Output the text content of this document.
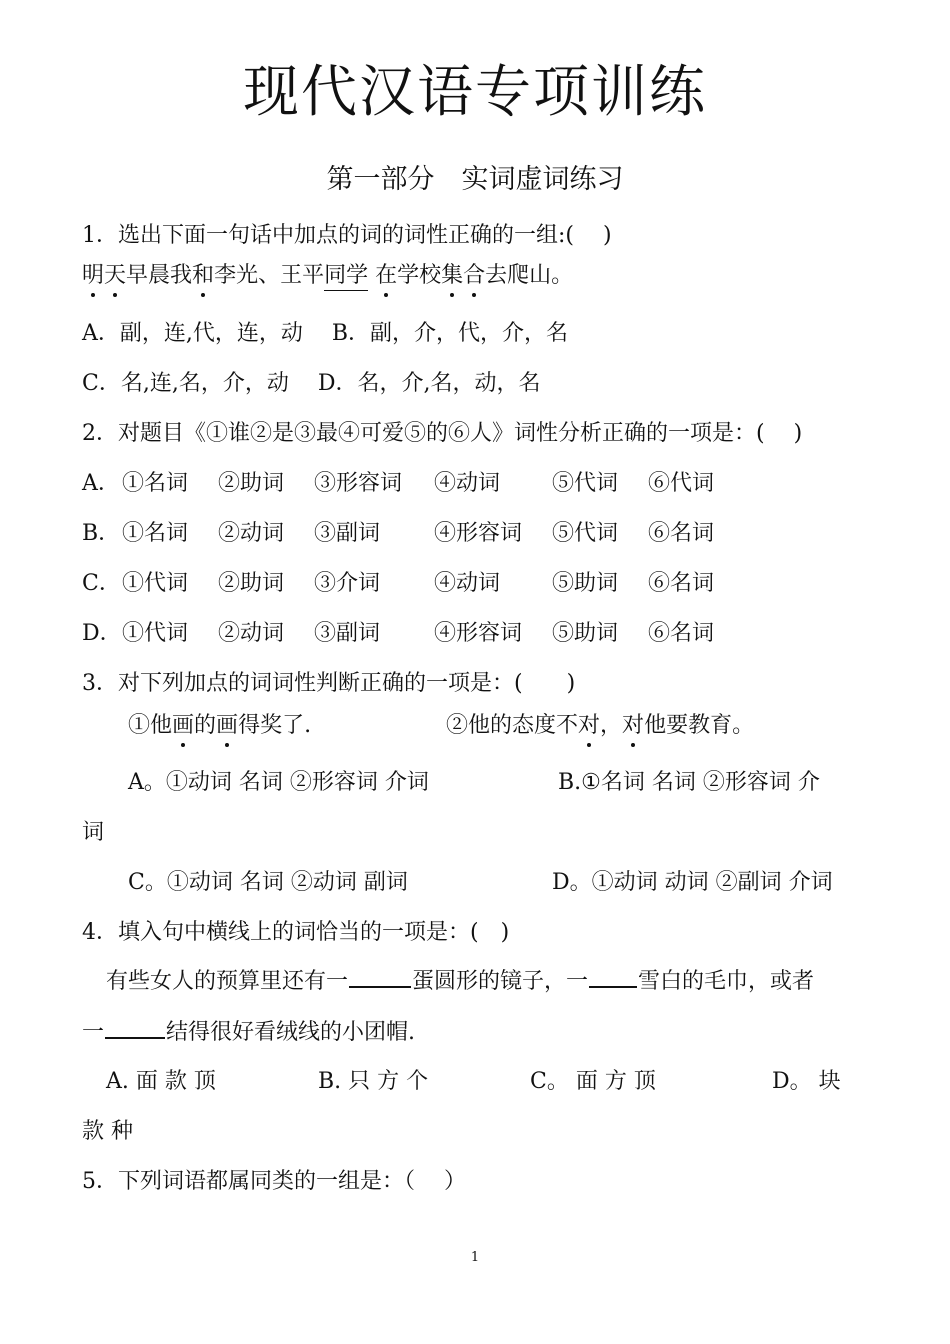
现代汉语专项训练
第一部分　实词虚词练习
1．选出下面一句话中加点的词的词性正确的一组:(　 )
明天早晨我和李光、王平同学 在学校集合去爬山。
A．副，连,代，连，动　 B．副，介，代，介，名
C．名,连,名，介，动　 D．名，介,名，动，名
2．对题目《①谁②是③最④可爱⑤的⑥人》词性分析正确的一项是：(　 )
A． ①名词 ②助词 ③形容词 ④动词 ⑤代词 ⑥代词
B． ①名词 ②动词 ③副词 ④形容词 ⑤代词 ⑥名词
C． ①代词 ②助词 ③介词 ④动词 ⑤助词 ⑥名词
D． ①代词 ②动词 ③副词 ④形容词 ⑤助词 ⑥名词
3．对下列加点的词词性判断正确的一项是：(　　)
①他画的画得奖了.	②他的态度不对，对他要教育。
A。①动词 名词 ②形容词 介词	B.①名词 名词 ②形容词 介
词
C。①动词 名词 ②动词 副词	D。①动词 动词 ②副词 介词
4．填入句中横线上的词恰当的一项是：(　)
有些女人的预算里还有一	蛋圆形的镜子，一 雪白的毛巾，或者
一	结得很好看绒线的小团帽.
A. 面 款 顶	B. 只 方 个	C。 面 方 顶	D。 块
款 种
5．下列词语都属同类的一组是：（　 ）
1
